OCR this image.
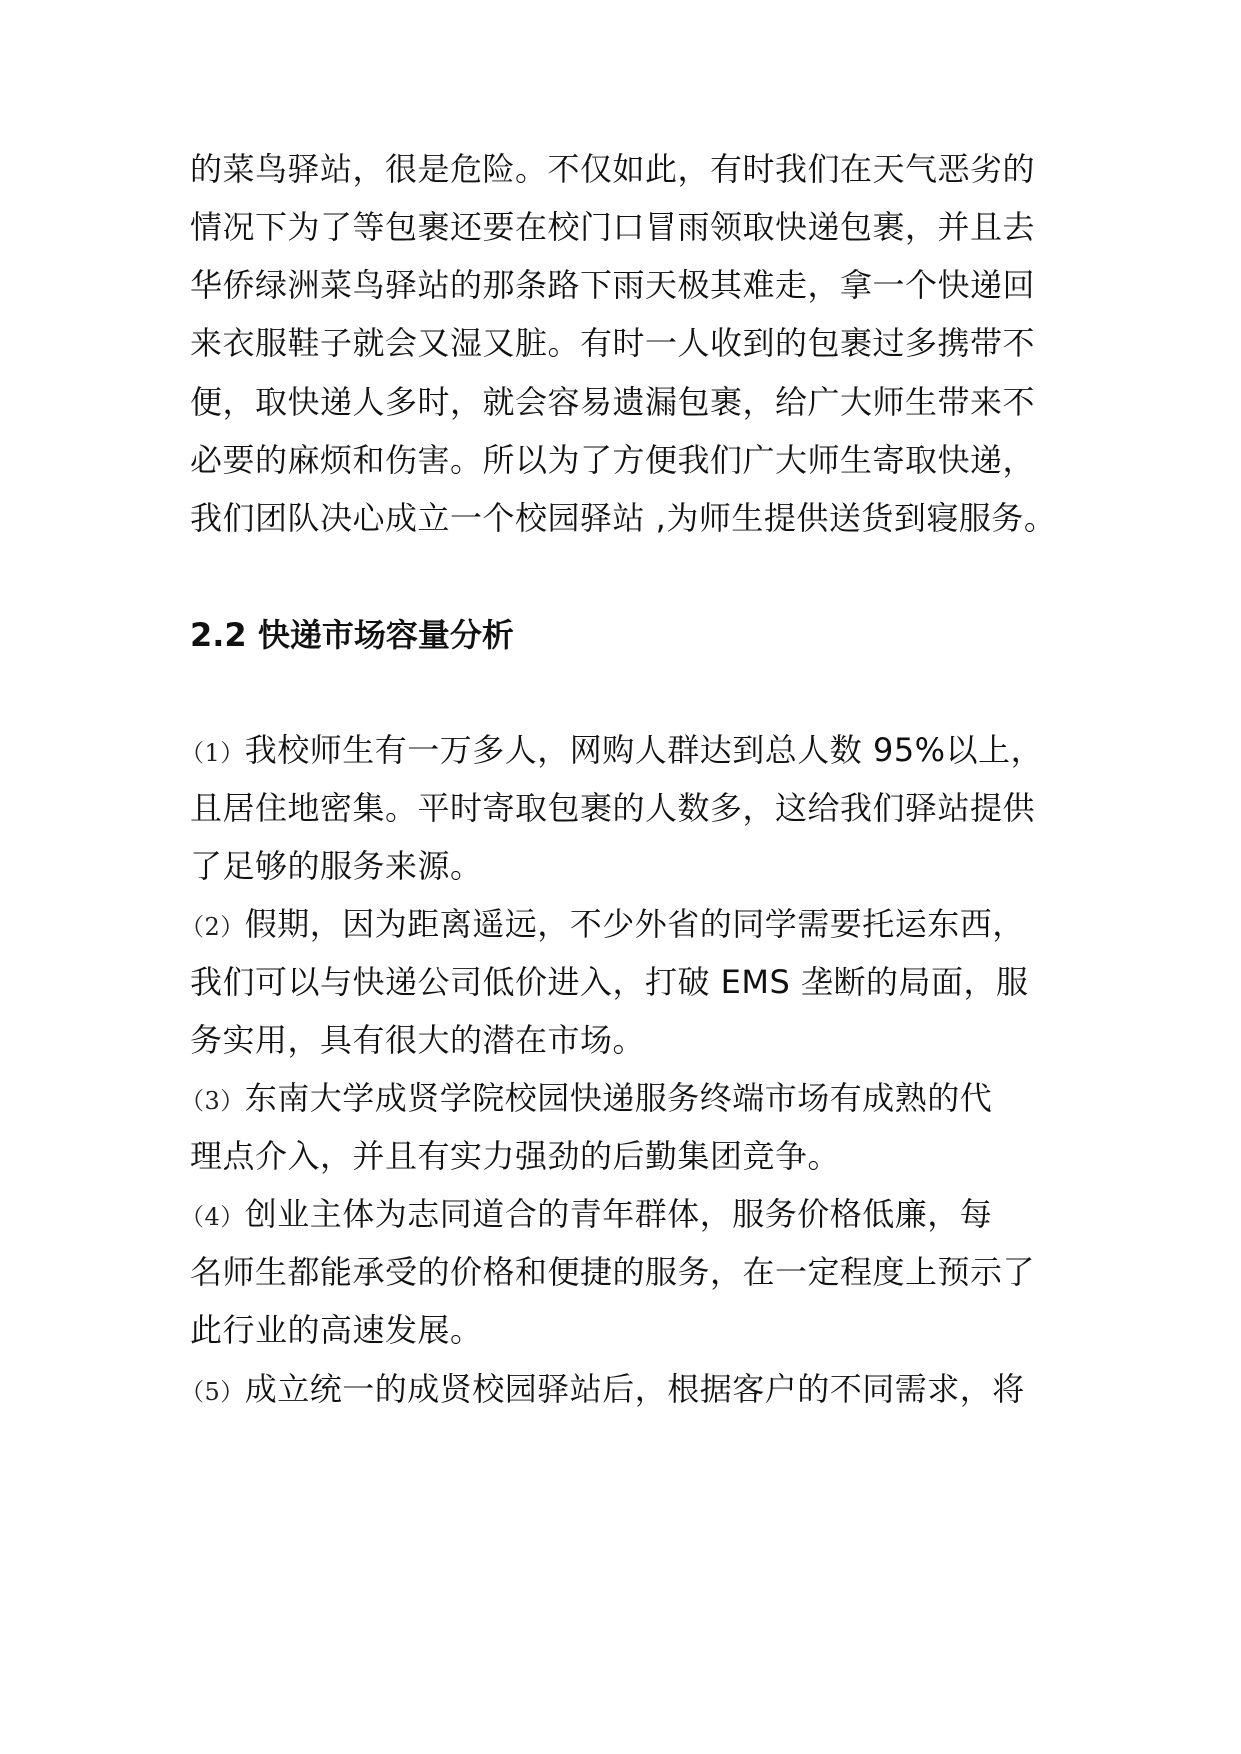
的菜鸟驿站，很是危险。不仅如此，有时我们在天气恶劣的
情况下为了等包裹还要在校门口冒雨领取快递包裹，并且去
华侨绿洲菜鸟驿站的那条路下雨天极其难走，拿一个快递回
来衣服鞋子就会又湿又脏。有时一人收到的包裹过多携带不
便，取快递人多时，就会容易遗漏包裹，给广大师生带来不
必要的麻烦和伤害。所以为了方便我们广大师生寄取快递，
我们团队决心成立一个校园驿站 ,为师生提供送货到寝服务。
2.2 快递市场容量分析
（1）我校师生有一万多人，网购人群达到总人数 95%以上，
且居住地密集。平时寄取包裹的人数多，这给我们驿站提供
了足够的服务来源。
（2）假期，因为距离遥远，不少外省的同学需要托运东西，
我们可以与快递公司低价进入，打破 EMS 垄断的局面，服
务实用，具有很大的潜在市场。
（3）东南大学成贤学院校园快递服务终端市场有成熟的代
理点介入，并且有实力强劲的后勤集团竞争。
（4）创业主体为志同道合的青年群体，服务价格低廉，每
名师生都能承受的价格和便捷的服务，在一定程度上预示了
此行业的高速发展。
（5）成立统一的成贤校园驿站后，根据客户的不同需求，将
